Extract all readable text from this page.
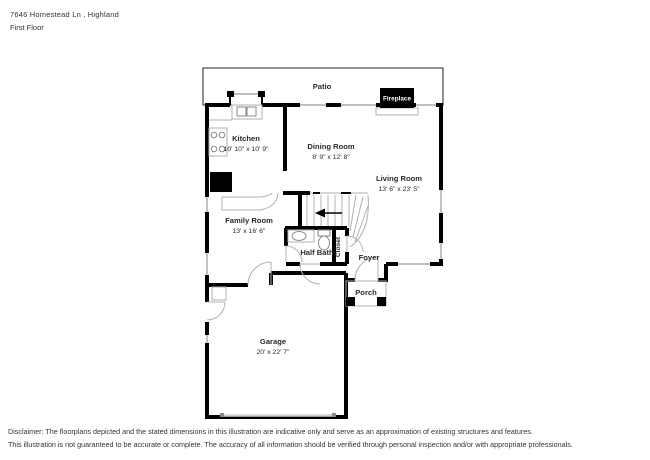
7646 Homestead Ln , Highland
First Floor
Fireplace
Patio
Kitchen
10' 10" x 10' 9"	Dining Room
8' 9" x 12' 8"
Living Room
13' 6" x 23' 5"
Family Room
13' x 16' 6"
Half Bath Closet
Foyer
Porch
Garage
20' x 22' 7"
Disclaimer: The floorplans depicted and the stated dimensions in this illustration are indicative only and serve as an approximation of existing structures and features.
This illustration is not guaranteed to be accurate or complete. The accuracy of all information should be verified through personal inspection and/or with appropriate professionals.
